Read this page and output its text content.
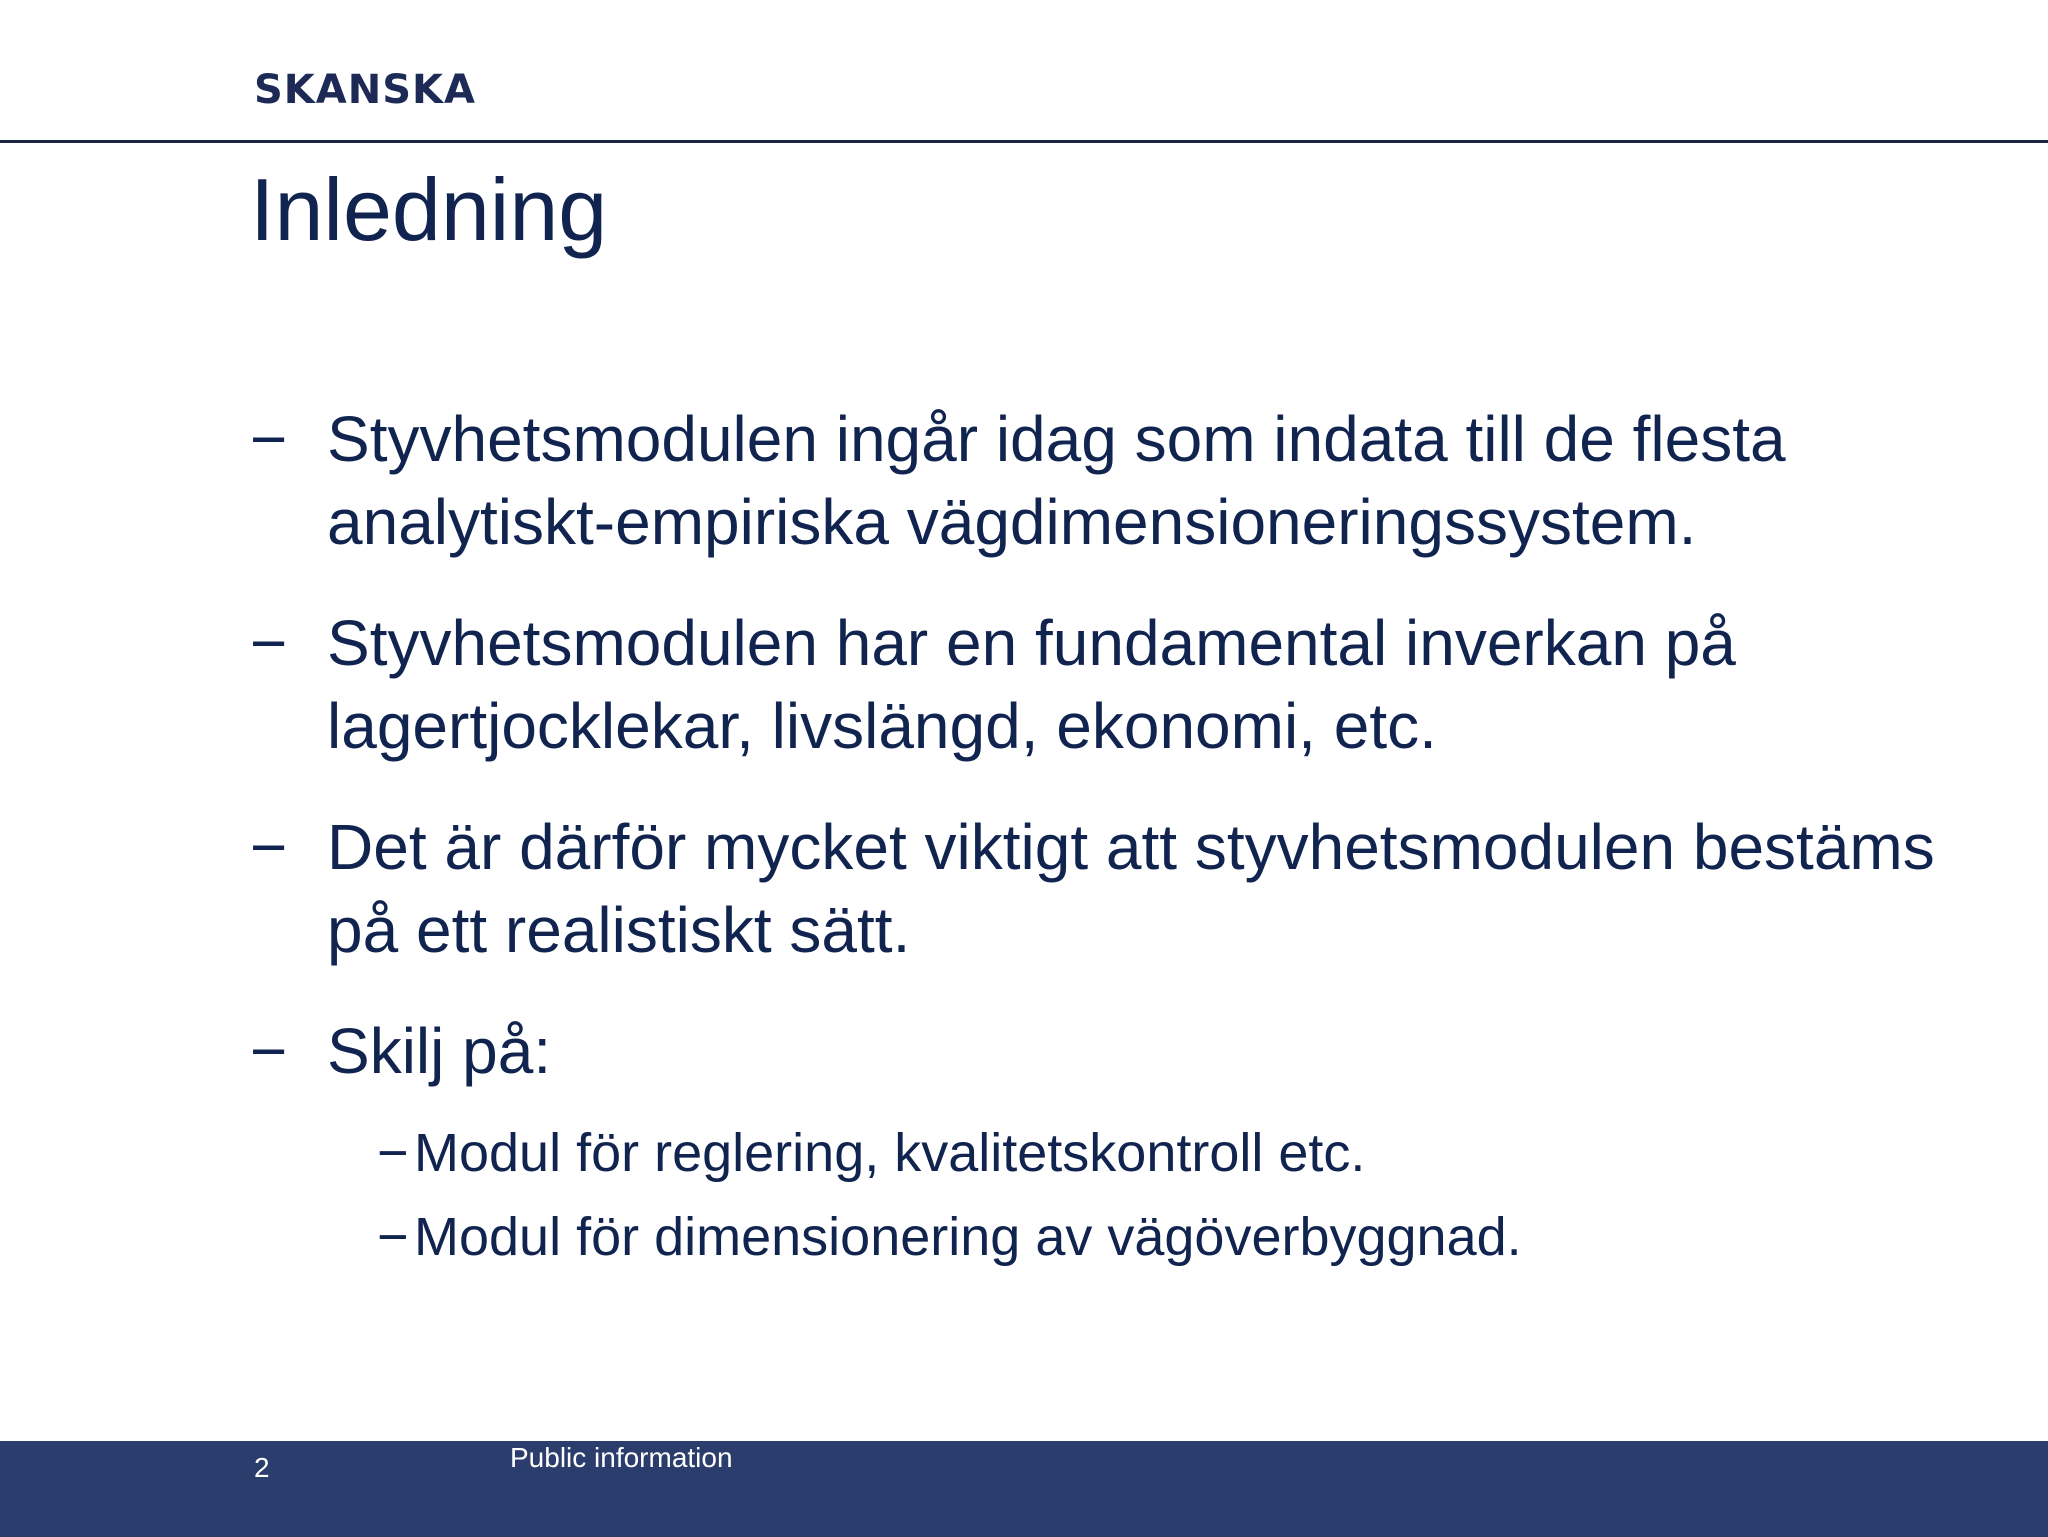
SKANSKA
Inledning
− Styvhetsmodulen ingår idag som indata till de flesta analytiskt-empiriska vägdimensioneringssystem.
− Styvhetsmodulen har en fundamental inverkan på lagertjocklekar, livslängd, ekonomi, etc.
− Det är därför mycket viktigt att styvhetsmodulen bestäms på ett realistiskt sätt.
− Skilj på:
− Modul för reglering, kvalitetskontroll etc.
− Modul för dimensionering av vägöverbyggnad.
2	Public information
